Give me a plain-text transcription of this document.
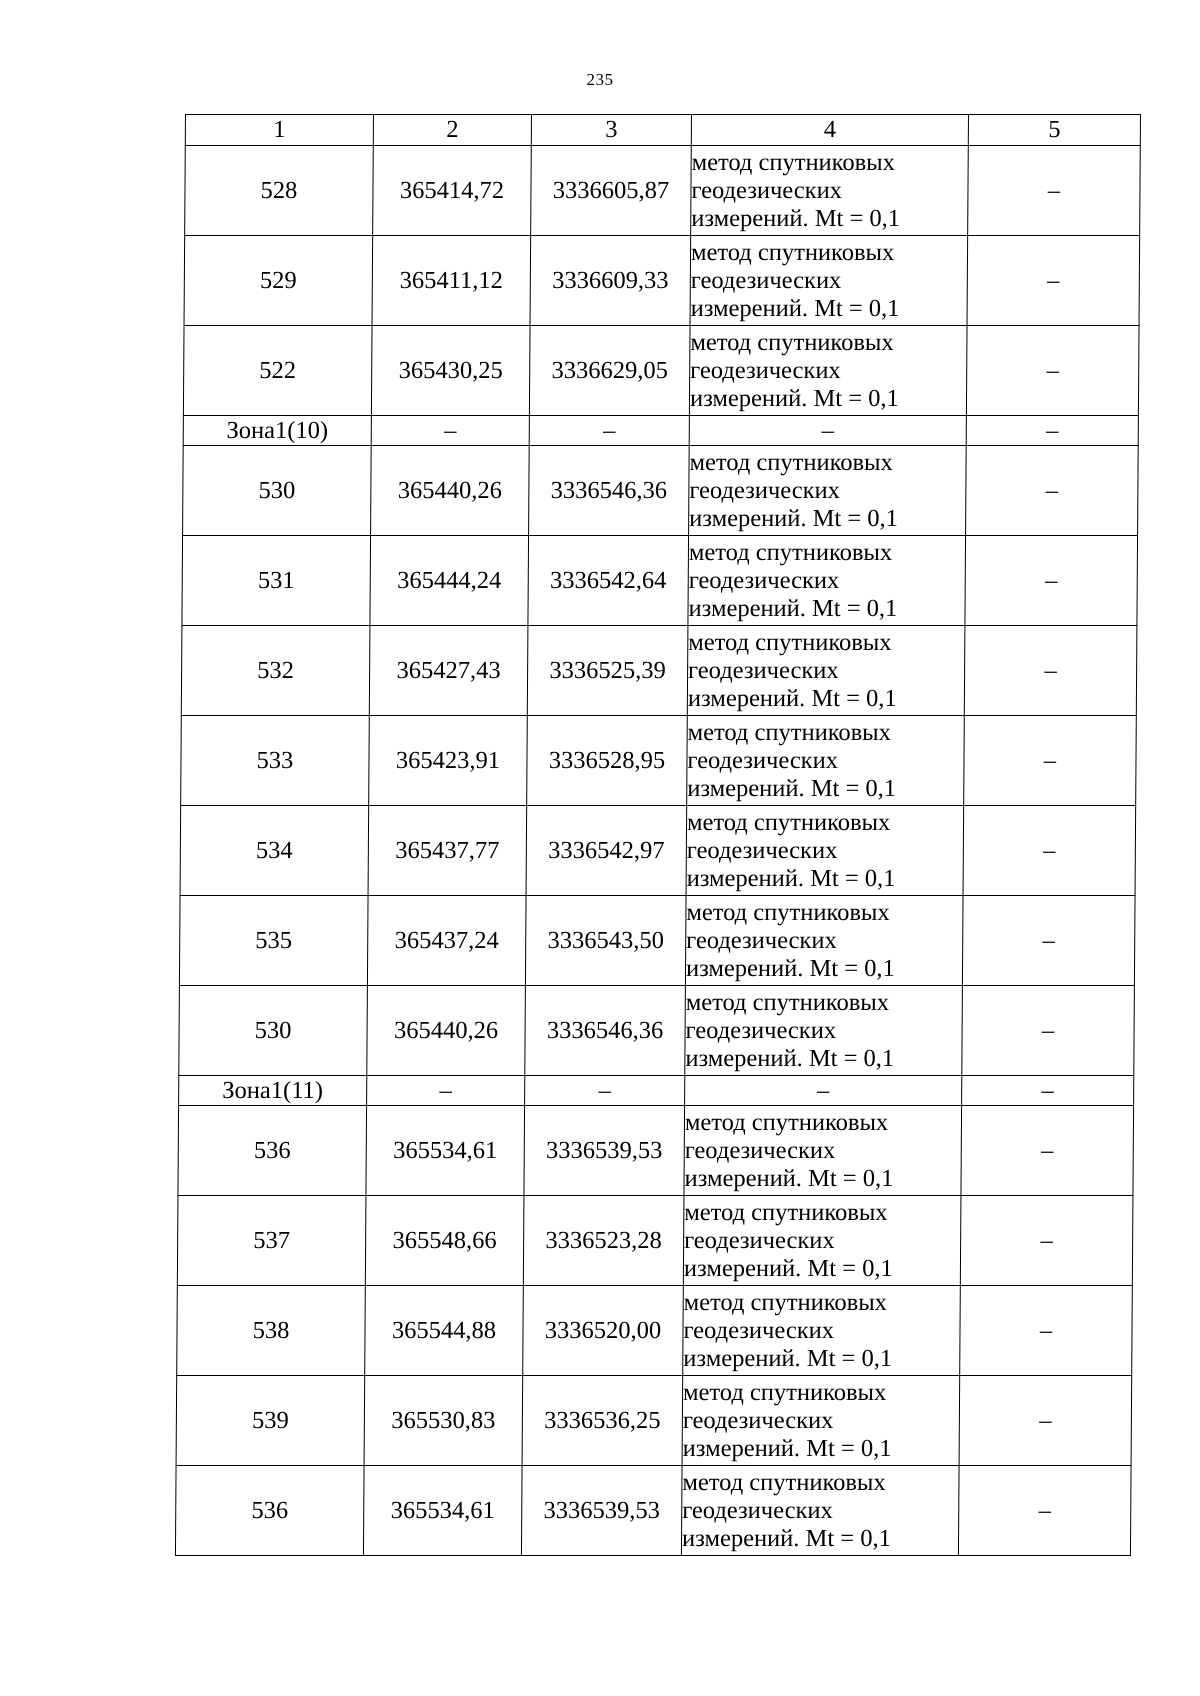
235
1	2	3	4	5
528	365414,72	3336605,87	метод спутниковых
геодезических
измерений. Mt = 0,1	–
529	365411,12	3336609,33	метод спутниковых
геодезических
измерений. Mt = 0,1	–
522	365430,25	3336629,05	метод спутниковых
геодезических
измерений. Mt = 0,1	–
Зона1(10)	–	–	–	–
530	365440,26	3336546,36	метод спутниковых
геодезических
измерений. Mt = 0,1	–
531	365444,24	3336542,64	метод спутниковых
геодезических
измерений. Mt = 0,1	–
532	365427,43	3336525,39	метод спутниковых
геодезических
измерений. Mt = 0,1	–
533	365423,91	3336528,95	метод спутниковых
геодезических
измерений. Mt = 0,1	–
534	365437,77	3336542,97	метод спутниковых
геодезических
измерений. Mt = 0,1	–
535	365437,24	3336543,50	метод спутниковых
геодезических
измерений. Mt = 0,1	–
530	365440,26	3336546,36	метод спутниковых
геодезических
измерений. Mt = 0,1	–
Зона1(11)	–	–	–	–
536	365534,61	3336539,53	метод спутниковых
геодезических
измерений. Mt = 0,1	–
537	365548,66	3336523,28	метод спутниковых
геодезических
измерений. Mt = 0,1	–
538	365544,88	3336520,00	метод спутниковых
геодезических
измерений. Mt = 0,1	–
539	365530,83	3336536,25	метод спутниковых
геодезических
измерений. Mt = 0,1	–
536	365534,61	3336539,53	метод спутниковых
геодезических
измерений. Mt = 0,1	–
